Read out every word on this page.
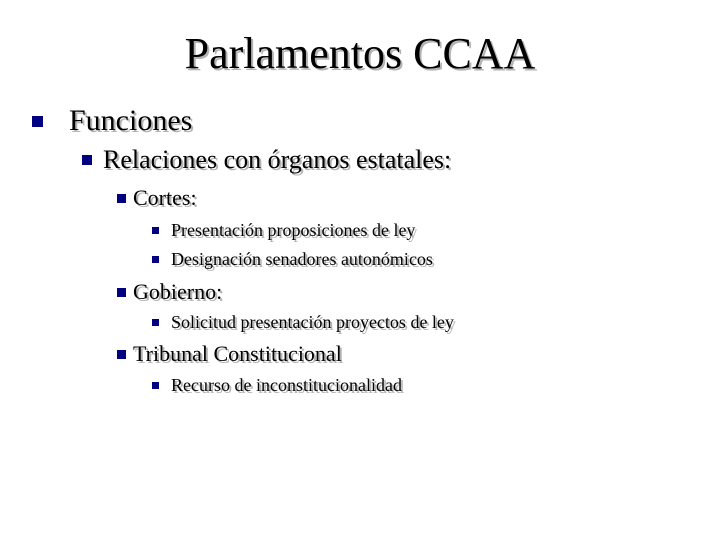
Parlamentos CCAA
Funciones
Relaciones con órganos estatales:
Cortes:
Presentación proposiciones de ley
Designación senadores autonómicos
Gobierno:
Solicitud presentación proyectos de ley
Tribunal Constitucional
Recurso de inconstitucionalidad
